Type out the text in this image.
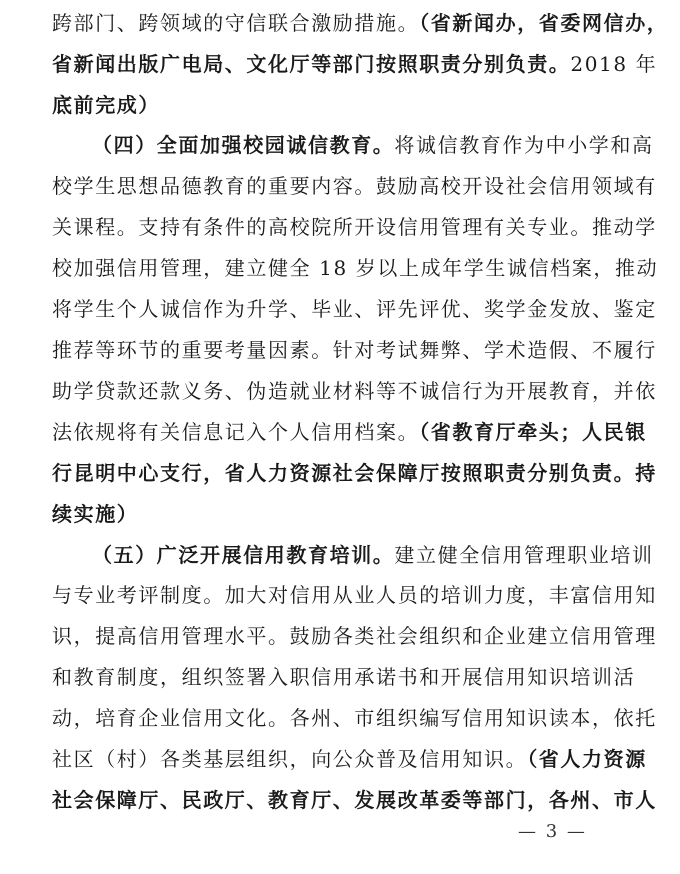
跨部门、跨领域的守信联合激励措施。（省新闻办，省委网信办，
省新闻出版广电局、文化厅等部门按照职责分别负责。2018 年
底前完成）
（四）全面加强校园诚信教育。将诚信教育作为中小学和高
校学生思想品德教育的重要内容。鼓励高校开设社会信用领域有
关课程。支持有条件的高校院所开设信用管理有关专业。推动学
校加强信用管理，建立健全 18 岁以上成年学生诚信档案，推动
将学生个人诚信作为升学、毕业、评先评优、奖学金发放、鉴定
推荐等环节的重要考量因素。针对考试舞弊、学术造假、不履行
助学贷款还款义务、伪造就业材料等不诚信行为开展教育，并依
法依规将有关信息记入个人信用档案。（省教育厅牵头；人民银
行昆明中心支行，省人力资源社会保障厅按照职责分别负责。持
续实施）
（五）广泛开展信用教育培训。建立健全信用管理职业培训
与专业考评制度。加大对信用从业人员的培训力度，丰富信用知
识，提高信用管理水平。鼓励各类社会组织和企业建立信用管理
和教育制度，组织签署入职信用承诺书和开展信用知识培训活
动，培育企业信用文化。各州、市组织编写信用知识读本，依托
社区（村）各类基层组织，向公众普及信用知识。（省人力资源
社会保障厅、民政厅、教育厅、发展改革委等部门，各州、市人
— 3 —
